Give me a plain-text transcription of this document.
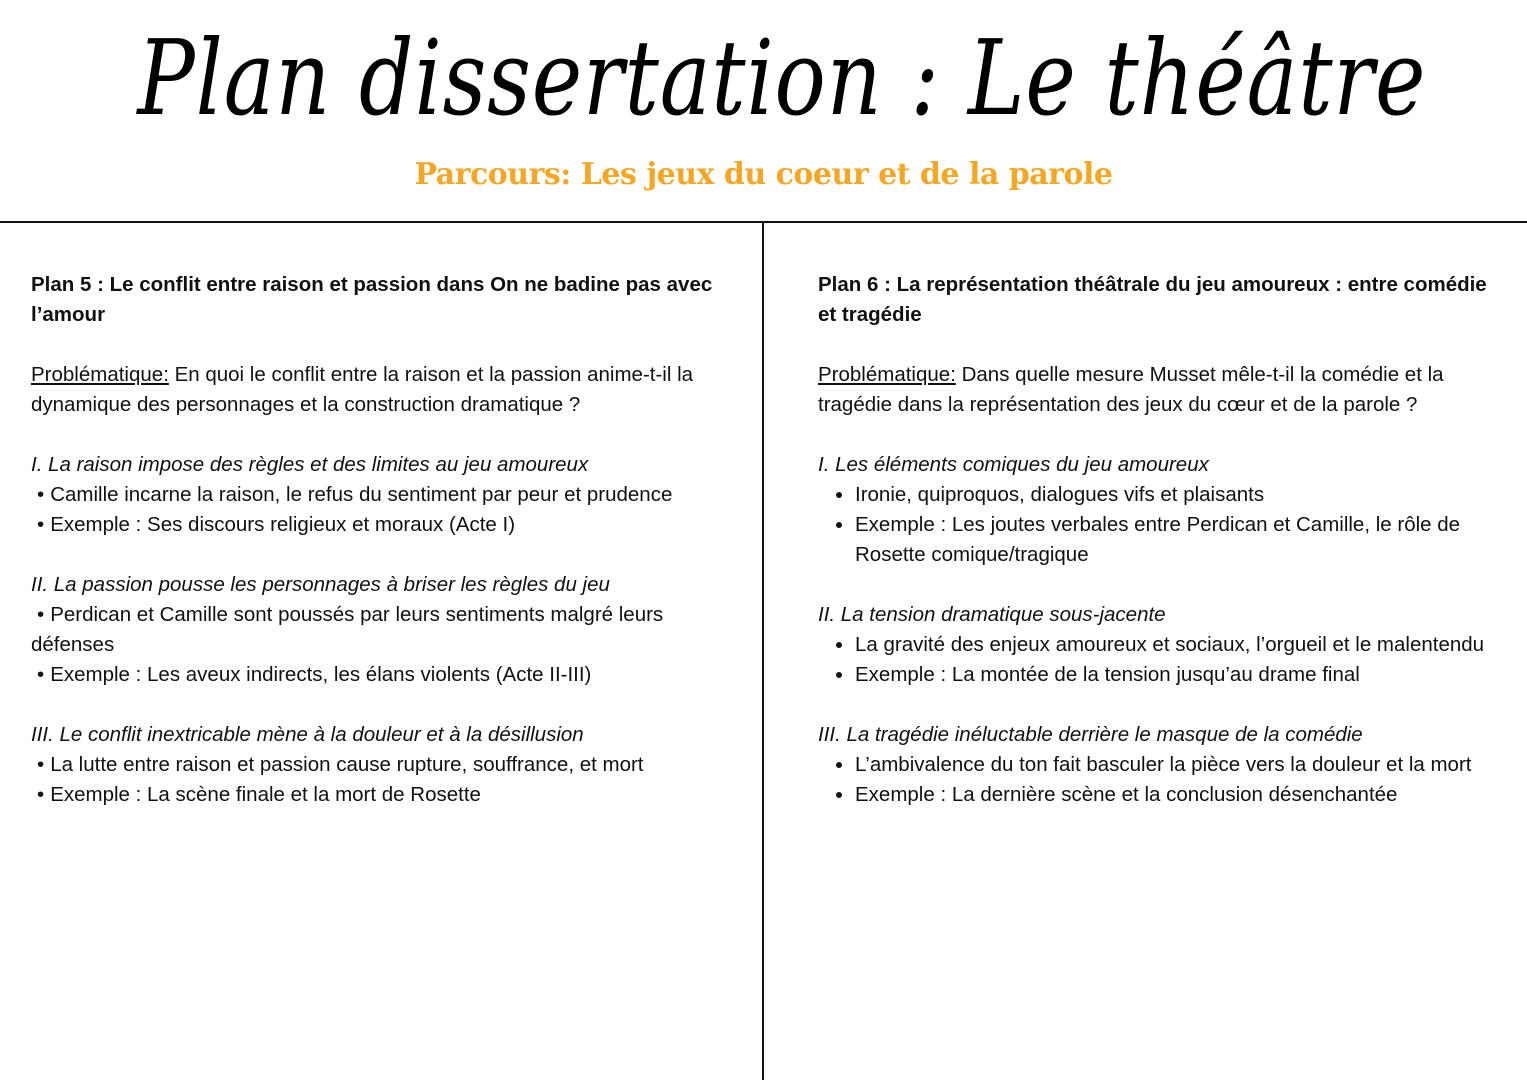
Plan dissertation : Le théâtre
Parcours: Les jeux du coeur et de la parole
Plan 5 : Le conflit entre raison et passion dans On ne badine pas avec l’amour
Problématique: En quoi le conflit entre la raison et la passion anime-t-il la dynamique des personnages et la construction dramatique ?
I. La raison impose des règles et des limites au jeu amoureux
• Camille incarne la raison, le refus du sentiment par peur et prudence
• Exemple : Ses discours religieux et moraux (Acte I)
II. La passion pousse les personnages à briser les règles du jeu
• Perdican et Camille sont poussés par leurs sentiments malgré leurs défenses
• Exemple : Les aveux indirects, les élans violents (Acte II-III)
III. Le conflit inextricable mène à la douleur et à la désillusion
• La lutte entre raison et passion cause rupture, souffrance, et mort
• Exemple : La scène finale et la mort de Rosette
Plan 6 : La représentation théâtrale du jeu amoureux : entre comédie et tragédie
Problématique: Dans quelle mesure Musset mêle-t-il la comédie et la tragédie dans la représentation des jeux du cœur et de la parole ?
I. Les éléments comiques du jeu amoureux
• Ironie, quiproquos, dialogues vifs et plaisants
• Exemple : Les joutes verbales entre Perdican et Camille, le rôle de Rosette comique/tragique
II. La tension dramatique sous-jacente
• La gravité des enjeux amoureux et sociaux, l’orgueil et le malentendu
• Exemple : La montée de la tension jusqu’au drame final
III. La tragédie inéluctable derrière le masque de la comédie
• L’ambivalence du ton fait basculer la pièce vers la douleur et la mort
• Exemple : La dernière scène et la conclusion désenchantée
